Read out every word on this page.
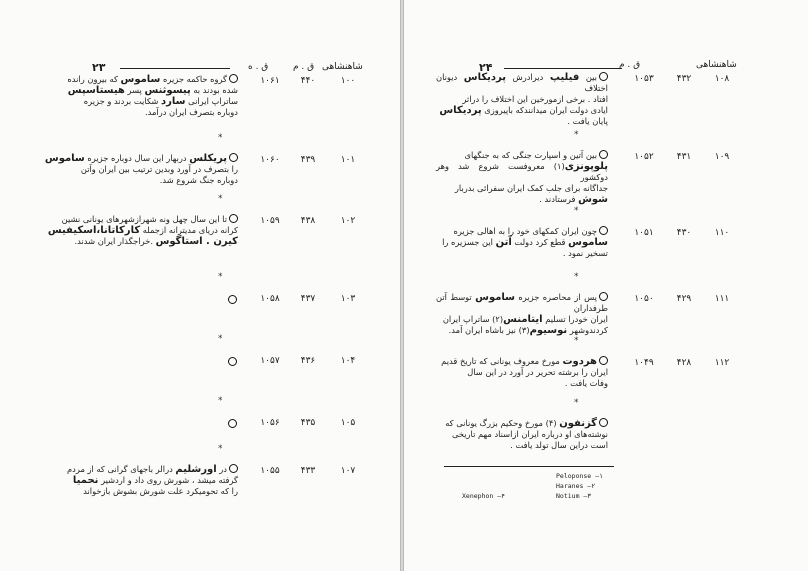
۲۳	شاهنشاهی
ق . م
ق . ه
۱۰۰
۴۴۰
۱۰۶۱
گروه حاکمه جزیره ساموس که بیرون رانده
شده بودند به پیسوثنس پسر هیستاسپس
ساتراپ ایرانی سارد شکایت بردند و جزیره
دوباره بتصرف ایران درآمد.
*
۱۰۱
۴۳۹
۱۰۶۰
پریکلس دربهار این سال دوباره جزیره ساموس
را بتصرف در آورد وبدین ترتیب بین ایران وآتن
دوباره جنگ شروع شد.
*
۱۰۲
۴۳۸
۱۰۵۹
تا این سال چهل ونه شهرازشهرهای یونانی نشین
کرانه دریای مدیترانه ازجمله کارکاتانا،اسکیفیس
کیرن . استاگوس .خراجگذار ایران شدند.
*
۱۰۳
۴۳۷
۱۰۵۸
*
۱۰۴
۴۳۶
۱۰۵۷
*
۱۰۵
۴۳۵
۱۰۵۶
*
۱۰۷
۴۳۳
۱۰۵۵
در اورشلیم درالر باجهای گرانی که از مردم
گرفته میشد ، شورش روی داد و اردشیر نحمیا
را که تحومیکرد علت شورش بشوش بازخواند
۲۴	شاهنشاهی
ق . م
۱۰۸
۴۳۲
۱۰۵۳
بین فیلیپ دیرادرش پردیکاس دیونان اختلاف
افتاد . برخی ازمورخین این اختلاف را دراثر
ایادی دولت ایران میدانندکه باپیروزی پردیکاس
پایان یافت .
*
۱۰۹
۴۳۱
۱۰۵۲
بین آتین و اسپارت جنگی که به جنگهای
پلوپونزی(۱) معروفست شروع شد وهر دوکشور
جداگانه برای جلب کمک ایران سفرائی بدربار
شوش فرستادند .
*
۱۱۰
۴۳۰
۱۰۵۱
چون ایران کمکهای خود را به اهالی جزیره
ساموس قطع کرد دولت آتن این جسزیره را
تسخیر نمود .
*
۱۱۱
۴۲۹
۱۰۵۰
پس از محاصره جزیره ساموس توسط آتن طرفداران
ایران خودرا تسلیم ایتامنس(۲) ساتراپ ایران
کردندوشهر نوسیوم(۳) نیز باشاه ایران آمد.
*
۱۱۲
۴۲۸
۱۰۴۹
هردوت مورخ معروف یونانی که تاریخ قدیم
ایران را برشته تحریر در آورد در این سال
وفات یافت .
*
گزنفون (۴) مورخ وحکیم بزرگ یونانی که
نوشته‌های او درباره ایران ازاسناد مهم تاریخی
است دراین سال تولد یافت .
Peloponse —۱
Haranes —۲
Notium —۳
Xenephon —۴
